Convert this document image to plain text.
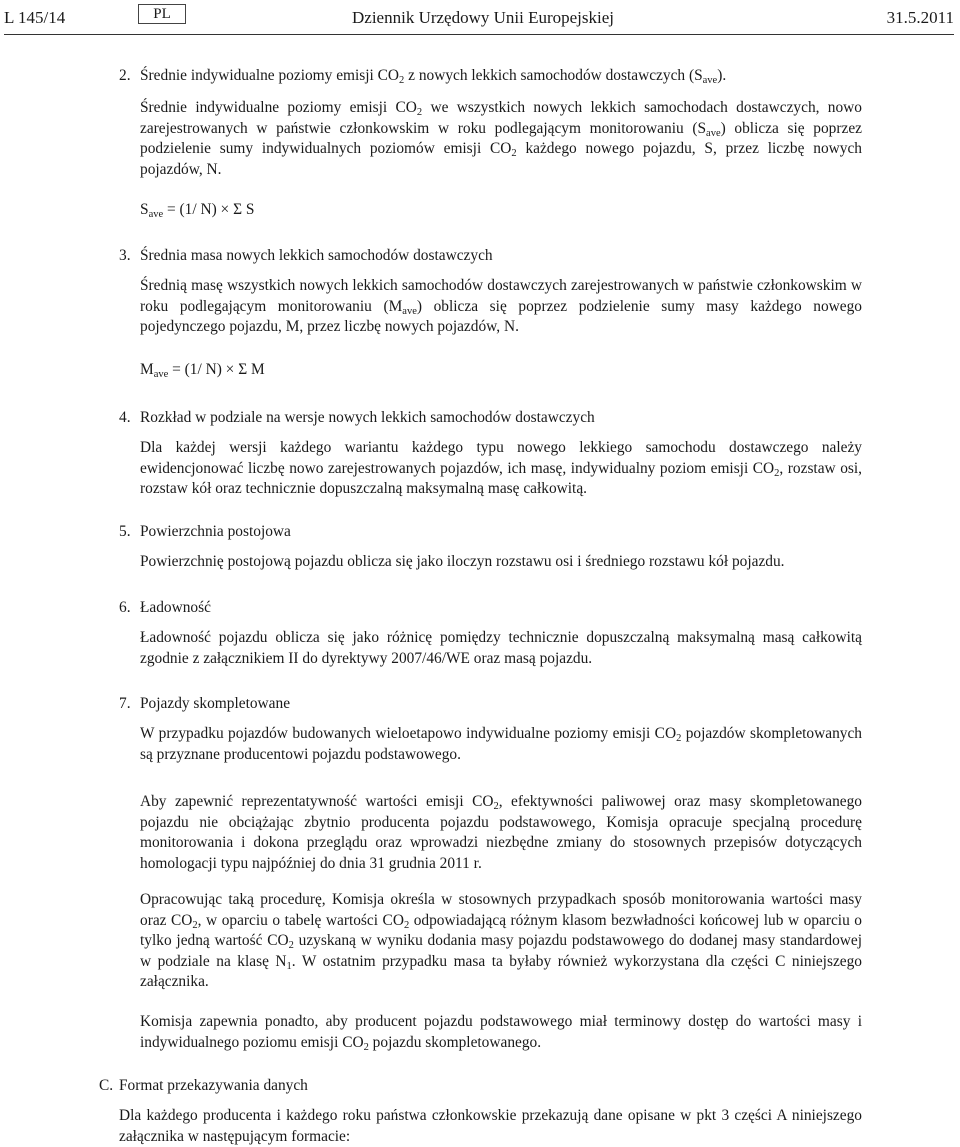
L 145/14	PL	Dziennik Urzędowy Unii Europejskiej	31.5.2011
2. Średnie indywidualne poziomy emisji $CO_2$ z nowych lekkich samochodów dostawczych $(S_{ave})$.
Średnie indywidualne poziomy emisji $CO_2$ we wszystkich nowych lekkich samochodach dostawczych, nowo zarejestrowanych w państwie członkowskim w roku podlegającym monitorowaniu $(S_{ave})$ oblicza się poprzez podzielenie sumy indywidualnych poziomów emisji $CO_2$ każdego nowego pojazdu, S, przez liczbę nowych pojazdów, N.
$S_{ave} = (1/$ N) × Σ S
3. Średnia masa nowych lekkich samochodów dostawczych
Średnią masę wszystkich nowych lekkich samochodów dostawczych zarejestrowanych w państwie członkowskim w roku podlegającym monitorowaniu $(M_{ave})$ oblicza się poprzez podzielenie sumy masy każdego nowego pojedynczego pojazdu, M, przez liczbę nowych pojazdów, N.
$M_{ave} = (1/$ N) × Σ M
4. Rozkład w podziale na wersje nowych lekkich samochodów dostawczych
Dla każdej wersji każdego wariantu każdego typu nowego lekkiego samochodu dostawczego należy ewidencjonować liczbę nowo zarejestrowanych pojazdów, ich masę, indywidualny poziom emisji $CO_2$, rozstaw osi, rozstaw kół oraz technicznie dopuszczalną maksymalną masę całkowitą.
5. Powierzchnia postojowa
Powierzchnię postojową pojazdu oblicza się jako iloczyn rozstawu osi i średniego rozstawu kół pojazdu.
6. Ładowność
Ładowność pojazdu oblicza się jako różnicę pomiędzy technicznie dopuszczalną maksymalną masą całkowitą zgodnie z załącznikiem II do dyrektywy 2007/46/WE oraz masą pojazdu.
7. Pojazdy skompletowane
W przypadku pojazdów budowanych wieloetapowo indywidualne poziomy emisji $CO_2$ pojazdów skompletowanych są przyznane producentowi pojazdu podstawowego.
Aby zapewnić reprezentatywność wartości emisji $CO_2$, efektywności paliwowej oraz masy skompletowanego pojazdu nie obciążając zbytnio producenta pojazdu podstawowego, Komisja opracuje specjalną procedurę monitorowania i dokona przeglądu oraz wprowadzi niezbędne zmiany do stosownych przepisów dotyczących homologacji typu najpóźniej do dnia 31 grudnia 2011 r.
Opracowując taką procedurę, Komisja określa w stosownych przypadkach sposób monitorowania wartości masy oraz $CO_2$, w oparciu o tabelę wartości $CO_2$ odpowiadającą różnym klasom bezwładności końcowej lub w oparciu o tylko jedną wartość $CO_2$ uzyskaną w wyniku dodania masy pojazdu podstawowego do dodanej masy standardowej w podziale na klasę $N_1$. W ostatnim przypadku masa ta byłaby również wykorzystana dla części C niniejszego załącznika.
Komisja zapewnia ponadto, aby producent pojazdu podstawowego miał terminowy dostęp do wartości masy i indywidualnego poziomu emisji $CO_2$ pojazdu skompletowanego.
C. Format przekazywania danych
Dla każdego producenta i każdego roku państwa członkowskie przekazują dane opisane w pkt 3 części A niniejszego załącznika w następującym formacie:
